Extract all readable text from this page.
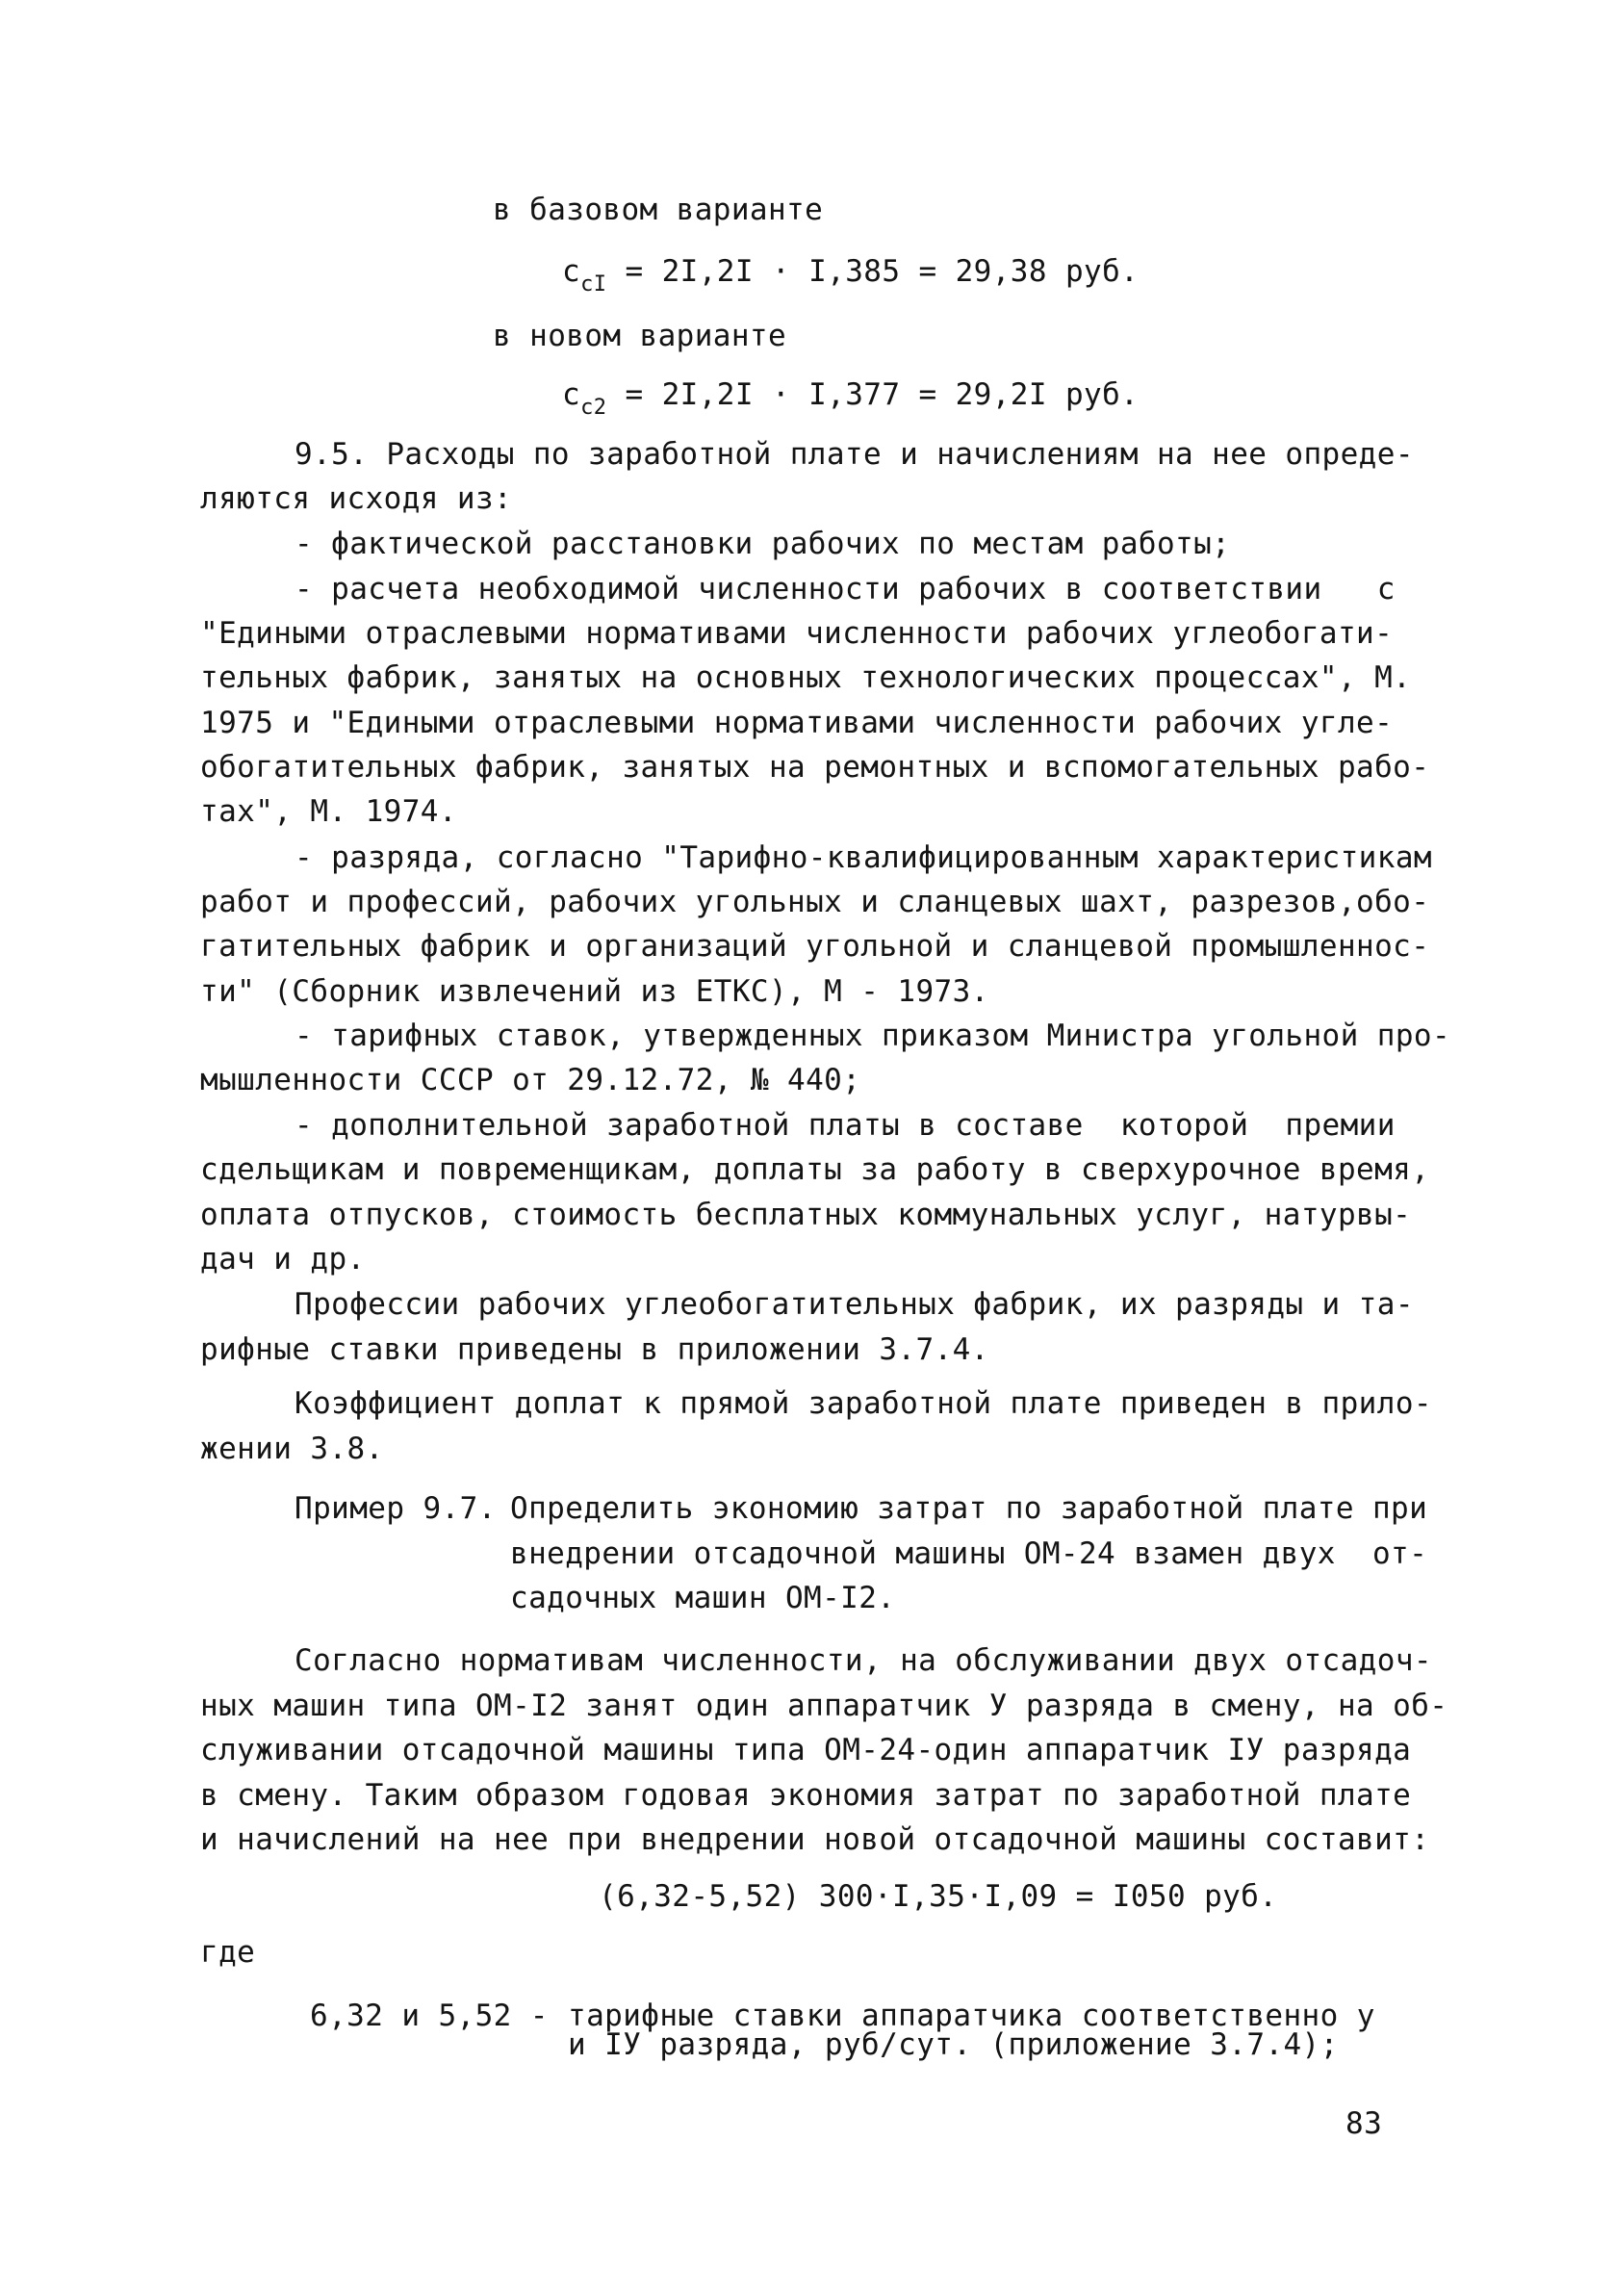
в базовом варианте
$c_{cI} = 2I,2I \cdot I,385 = 29,38$ руб.
в новом варианте
$c_{c2} = 2I,2I \cdot I,377 = 29,2I$ руб.
9.5. Расходы по заработной плате и начислениям на нее опреде-
ляются исходя из:
- фактической расстановки рабочих по местам работы;
- расчета необходимой численности рабочих в соответствии   с
"Едиными отраслевыми нормативами численности рабочих углеобогати-
тельных фабрик, занятых на основных технологических процессах", М.
1975 и "Едиными отраслевыми нормативами численности рабочих угле-
обогатительных фабрик, занятых на ремонтных и вспомогательных рабо-
тах", М. 1974.
- разряда, согласно "Тарифно-квалифицированным характеристикам
работ и профессий, рабочих угольных и сланцевых шахт, разрезов,обо-
гатительных фабрик и организаций угольной и сланцевой промышленнос-
ти" (Сборник извлечений из ЕТКС), М - 1973.
- тарифных ставок, утвержденных приказом Министра угольной про-
мышленности СССР от 29.12.72, № 440;
- дополнительной заработной платы в составе  которой  премии
сдельщикам и повременщикам, доплаты за работу в сверхурочное время,
оплата отпусков, стоимость бесплатных коммунальных услуг, натурвы-
дач и др.
Профессии рабочих углеобогатительных фабрик, их разряды и та-
рифные ставки приведены в приложении 3.7.4.
Коэффициент доплат к прямой заработной плате приведен в прило-
жении 3.8.
Пример 9.7. Определить экономию затрат по заработной плате при
внедрении отсадочной машины ОМ-24 взамен двух  от-
садочных машин ОМ-I2.
Согласно нормативам численности, на обслуживании двух отсадоч-
ных машин типа ОМ-I2 занят один аппаратчик У разряда в смену, на об-
служивании отсадочной машины типа ОМ-24-один аппаратчик IУ разряда
в смену. Таким образом годовая экономия затрат по заработной плате
и начислений на нее при внедрении новой отсадочной машины составит:
(6,32-5,52) 300·I,35·I,09 = I050 руб.
где
6,32 и 5,52 - тарифные ставки аппаратчика соответственно у
и IУ разряда, руб/сут. (приложение 3.7.4);
83
